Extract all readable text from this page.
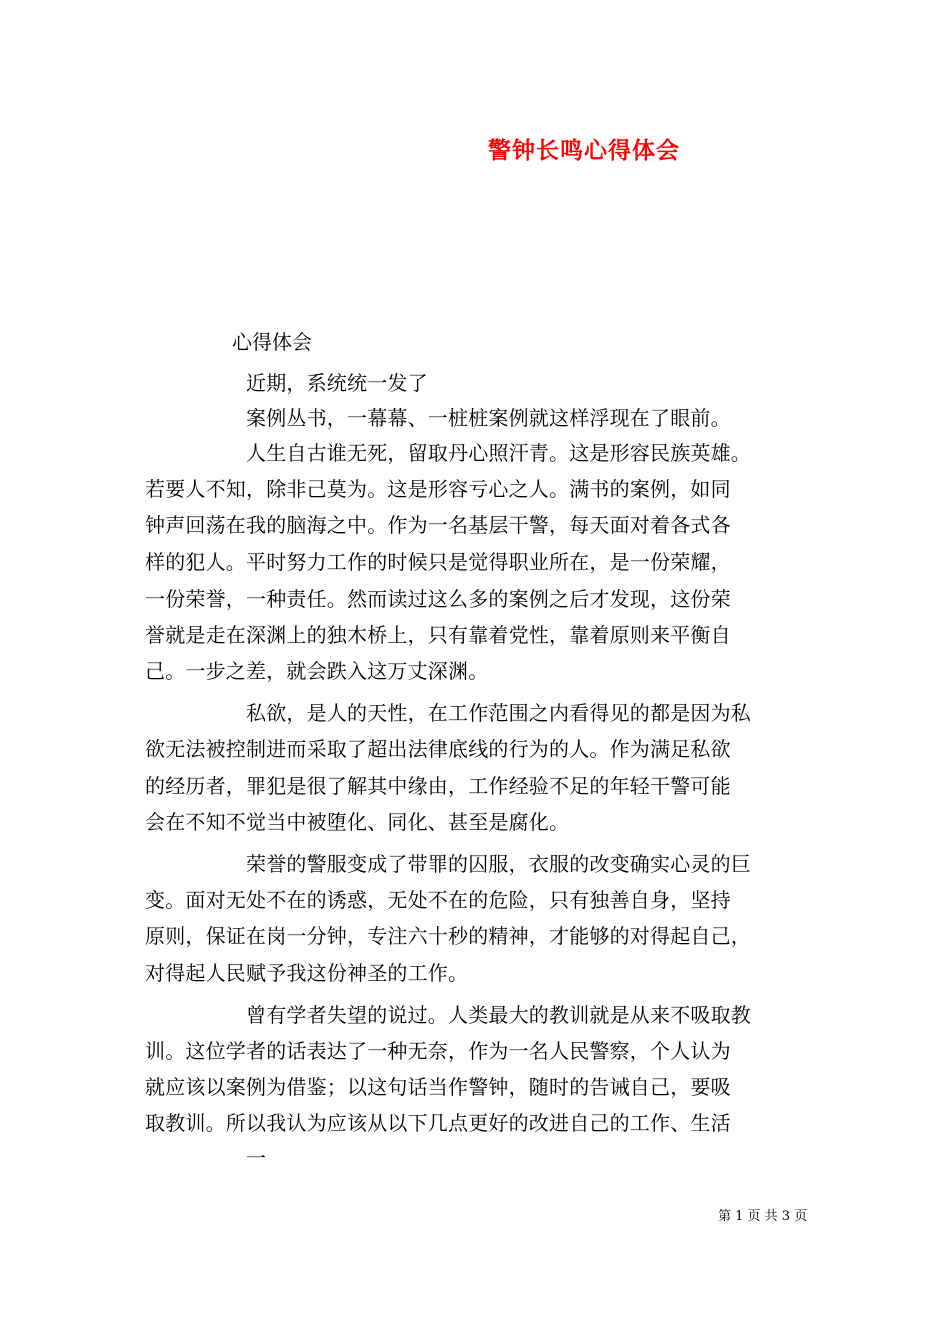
警钟长鸣心得体会
心得体会
近期，系统统一发了
案例丛书，一幕幕、一桩桩案例就这样浮现在了眼前。
人生自古谁无死，留取丹心照汗青。这是形容民族英雄。
若要人不知，除非己莫为。这是形容亏心之人。满书的案例，如同
钟声回荡在我的脑海之中。作为一名基层干警，每天面对着各式各
样的犯人。平时努力工作的时候只是觉得职业所在，是一份荣耀，
一份荣誉，一种责任。然而读过这么多的案例之后才发现，这份荣
誉就是走在深渊上的独木桥上，只有靠着党性，靠着原则来平衡自
己。一步之差，就会跌入这万丈深渊。
私欲，是人的天性，在工作范围之内看得见的都是因为私
欲无法被控制进而采取了超出法律底线的行为的人。作为满足私欲
的经历者，罪犯是很了解其中缘由，工作经验不足的年轻干警可能
会在不知不觉当中被堕化、同化、甚至是腐化。
荣誉的警服变成了带罪的囚服，衣服的改变确实心灵的巨
变。面对无处不在的诱惑，无处不在的危险，只有独善自身，坚持
原则，保证在岗一分钟，专注六十秒的精神，才能够的对得起自己，
对得起人民赋予我这份神圣的工作。
曾有学者失望的说过。人类最大的教训就是从来不吸取教
训。这位学者的话表达了一种无奈，作为一名人民警察，个人认为
就应该以案例为借鉴；以这句话当作警钟，随时的告诫自己，要吸
取教训。所以我认为应该从以下几点更好的改进自己的工作、生活
一
第 1 页 共 3 页
